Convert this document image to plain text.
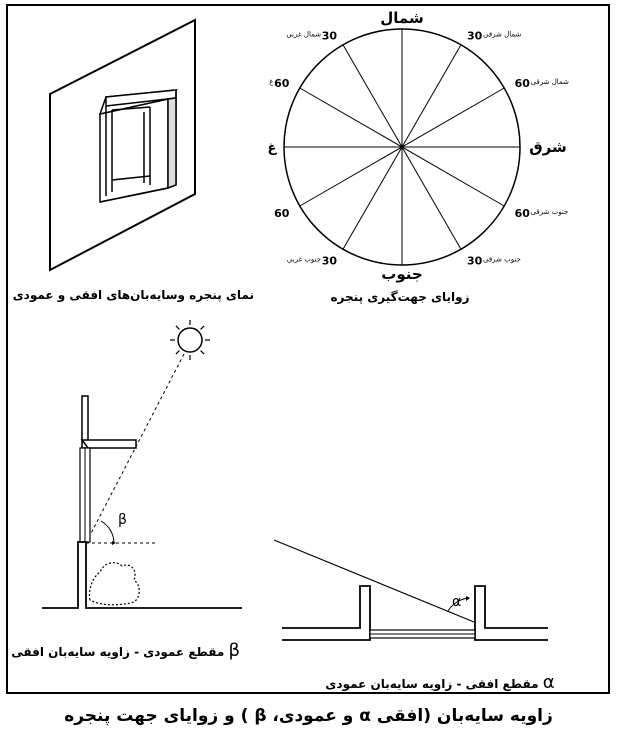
شمال
جنوب
شرق
غ
30 شمال شرقی
60 شمال شرقی
60 جنوب شرقی
30 جنوب شرقی
30
جنوب غربی
60
60
غ
30
شمال غربی
β
α
نمای پنجره وسایه‌بان‌های افقی و عمودی	زوایای جهت‌گیری پنجره
β مقطع عمودی - زاویه سایه‌بان افقی
α مقطع افقی - زاویه سایه‌بان عمودی
زاویه سایه‌بان (افقی α و عمودی، β ) و زوایای جهت پنجره
